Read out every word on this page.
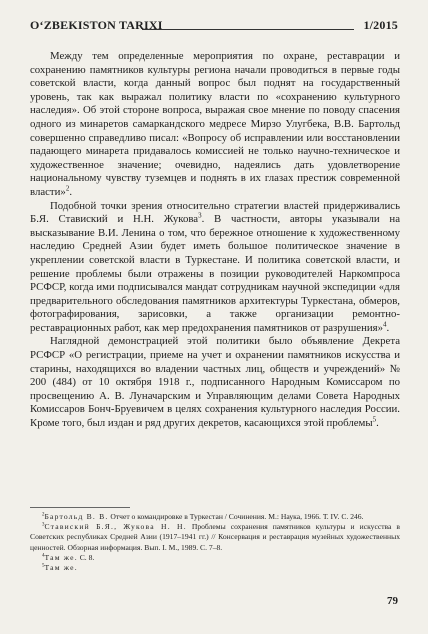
O‘ZBEKISTON TARIXI	1/2015

Между тем определенные мероприятия по охране, реставрации и сохранению памятников культуры региона начали проводиться в первые годы советской власти, когда данный вопрос был поднят на государственный уровень, так как выражал политику власти по «сохранению культурного наследия». Об этой стороне вопроса, выражая свое мнение по поводу спасения одного из минаретов самаркандского медресе Мирзо Улугбека, В.В. Бартольд совершенно справедливо писал: «Вопросу об исправлении или восстановлении падающего минарета придавалось комиссией не только научно-техническое и художественное значение; очевидно, надеялись дать удовлетворение национальному чувству туземцев и поднять в их глазах престиж современной власти»$^2$.

Подобной точки зрения относительно стратегии властей придерживались Б.Я. Ставиский и Н.Н. Жукова$^3$. В частности, авторы указывали на высказывание В.И. Ленина о том, что бережное отношение к художественному наследию Средней Азии будет иметь большое политическое значение в укреплении советской власти в Туркестане. И политика советской власти, и решение проблемы были отражены в позиции руководителей Наркомпроса РСФСР, когда ими подписывался мандат сотрудникам научной экспедиции «для предварительного обследования памятников архитектуры Туркестана, обмеров, фотографирования, зарисовки, а также организации ремонтно-реставрационных работ, как мер предохранения памятников от разрушения»$^4$.

Наглядной демонстрацией этой политики было объявление Декрета РСФСР «О регистрации, приеме на учет и охранении памятников искусства и старины, находящихся во владении частных лиц, обществ и учреждений» № 200 (484) от 10 октября 1918 г., подписанного Народным Комиссаром по просвещению А. В. Луначарским и Управляющим делами Совета Народных Комиссаров Бонч-Бруевичем в целях сохранения культурного наследия России. Кроме того, был издан и ряд других декретов, касающихся этой проблемы$^5$.

$^2$Бартольд В. В. Отчет о командировке в Туркестан / Сочинения. М.: Наука, 1966. Т. IV. С. 246.

$^3$Ставиский Б.Я., Жукова Н. Н. Проблемы сохранения памятников культуры и искусства в Советских республиках Средней Азии (1917–1941 гг.) // Консервация и реставрация музейных художественных ценностей. Обзорная информация. Вып. I. М., 1989. С. 7–8.

$^4$Там же. С. 8.

$^5$Там же.

79
